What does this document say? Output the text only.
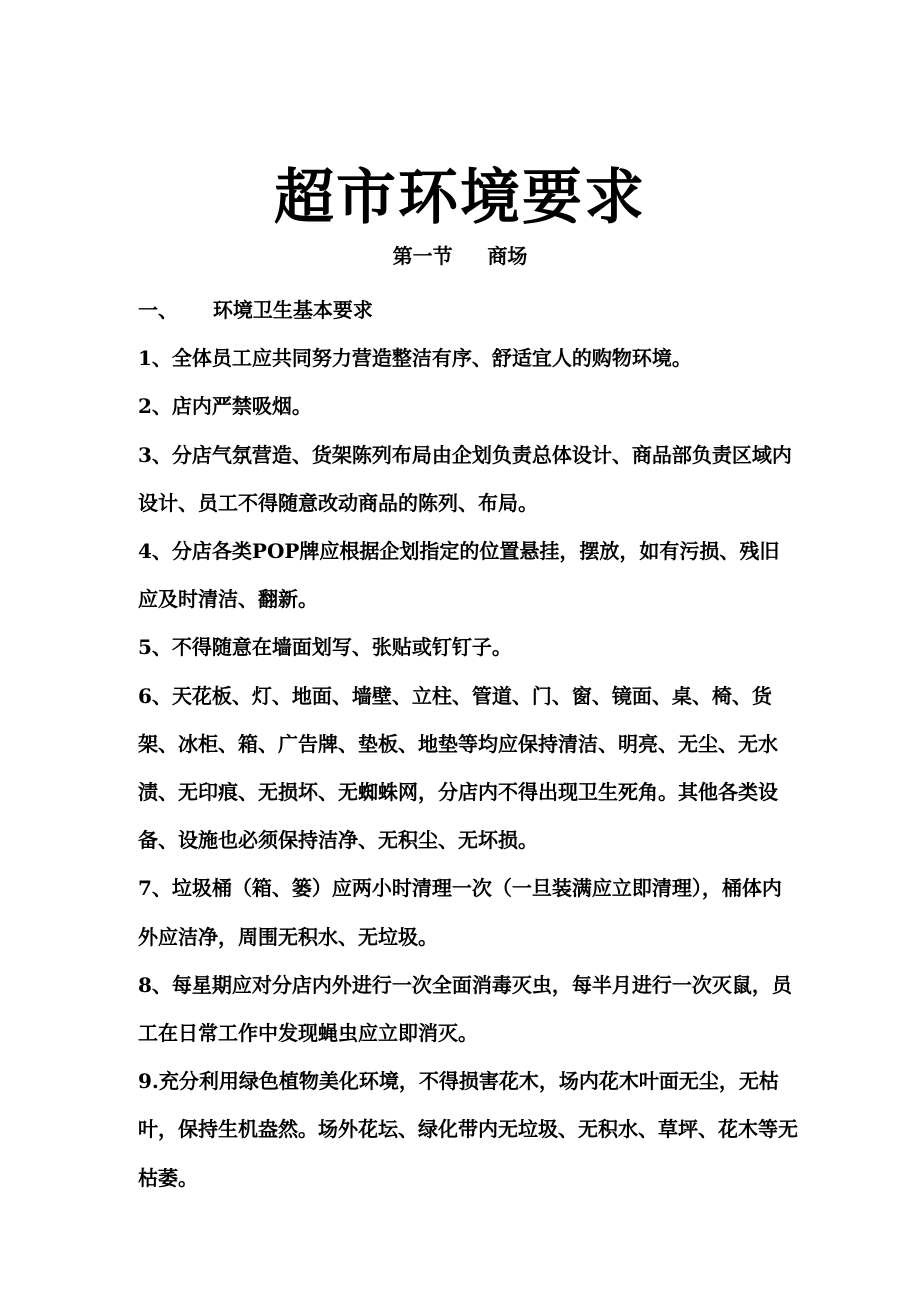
超市环境要求
第一节     商场

一、     环境卫生基本要求

1、全体员工应共同努力营造整洁有序、舒适宜人的购物环境。

2、店内严禁吸烟。

3、分店气氛营造、货架陈列布局由企划负责总体设计、商品部负责区域内设计、员工不得随意改动商品的陈列、布局。

4、分店各类POP牌应根据企划指定的位置悬挂，摆放，如有污损、残旧应及时清洁、翻新。

5、不得随意在墙面划写、张贴或钉钉子。

6、天花板、灯、地面、墙壁、立柱、管道、门、窗、镜面、桌、椅、货架、冰柜、箱、广告牌、垫板、地垫等均应保持清洁、明亮、无尘、无水渍、无印痕、无损坏、无蜘蛛网，分店内不得出现卫生死角。其他各类设备、设施也必须保持洁净、无积尘、无坏损。

7、垃圾桶（箱、篓）应两小时清理一次（一旦装满应立即清理），桶体内外应洁净，周围无积水、无垃圾。

8、每星期应对分店内外进行一次全面消毒灭虫，每半月进行一次灭鼠，员工在日常工作中发现蝇虫应立即消灭。

9.充分利用绿色植物美化环境，不得损害花木，场内花木叶面无尘，无枯叶，保持生机盎然。场外花坛、绿化带内无垃圾、无积水、草坪、花木等无枯萎。
